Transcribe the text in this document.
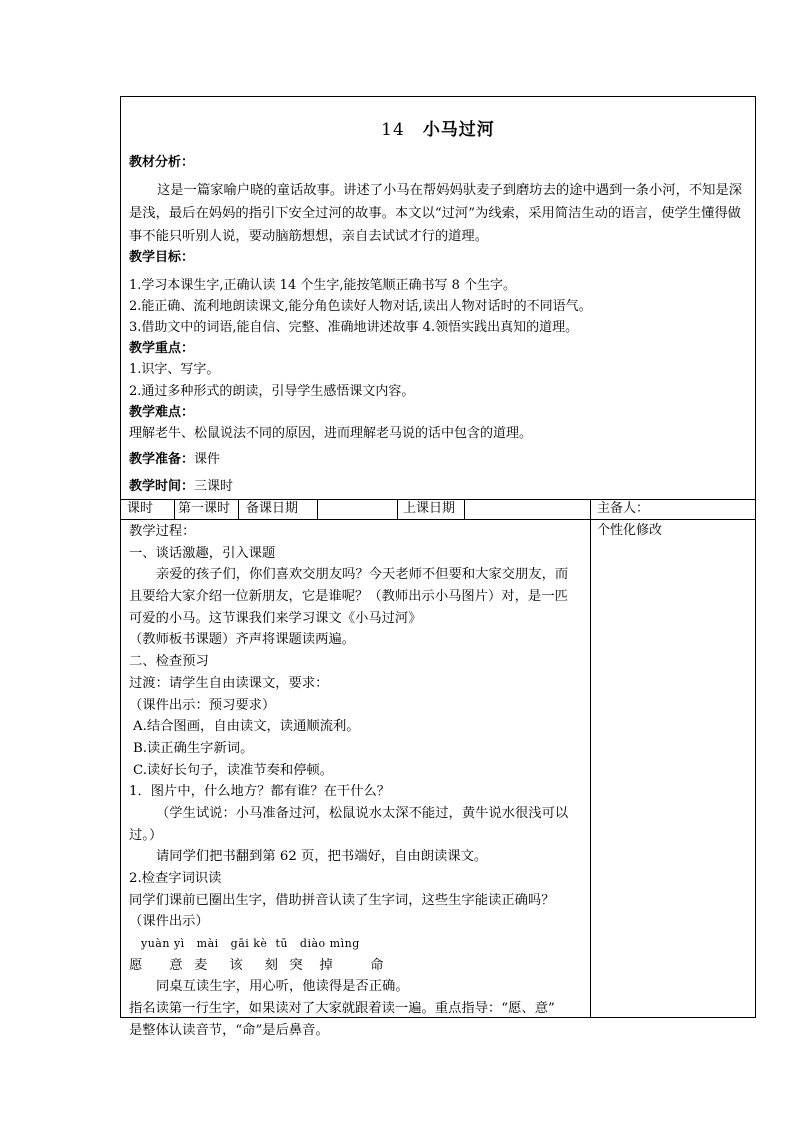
14 小马过河
教材分析：
这是一篇家喻户晓的童话故事。讲述了小马在帮妈妈驮麦子到磨坊去的途中遇到一条小河，不知是深是浅，最后在妈妈的指引下安全过河的故事。本文以“过河”为线索，采用简洁生动的语言，使学生懂得做事不能只听别人说，要动脑筋想想，亲自去试试才行的道理。
教学目标：
1.学习本课生字,正确认读 14 个生字,能按笔顺正确书写 8 个生字。
2.能正确、流利地朗读课文,能分角色读好人物对话,读出人物对话时的不同语气。
3.借助文中的词语,能自信、完整、准确地讲述故事 4.领悟实践出真知的道理。
教学重点：
1.识字、写字。
2.通过多种形式的朗读，引导学生感悟课文内容。
教学难点：
理解老牛、松鼠说法不同的原因，进而理解老马说的话中包含的道理。
教学准备：课件
教学时间：三课时
课时 第一课时 备课日期	上课日期	主备人：
个性化修改
教学过程：
一、谈话激趣，引入课题
亲爱的孩子们，你们喜欢交朋友吗？今天老师不但要和大家交朋友，而
且要给大家介绍一位新朋友，它是谁呢？（教师出示小马图片）对，是一匹
可爱的小马。这节课我们来学习课文《小马过河》
（教师板书课题）齐声将课题读两遍。
二、检查预习
过渡：请学生自由读课文，要求：
（课件出示：预习要求）
A.结合图画，自由读文，读通顺流利。
B.读正确生字新词。
C.读好长句子，读准节奏和停顿。
1．图片中，什么地方？都有谁？在干什么？
（学生试说：小马准备过河，松鼠说水太深不能过，黄牛说水很浅可以
过。）
请同学们把书翻到第 62 页，把书端好，自由朗读课文。
2.检查字词识读
同学们课前已圈出生字，借助拼音认读了生字词，这些生字能读正确吗？
（课件出示）
yuàn yì   mài   gāi kè  tū   diào mìng
愿     意  麦    该    刻  突   掉       命
同桌互读生字，用心听，他读得是否正确。
指名读第一行生字，如果读对了大家就跟着读一遍。重点指导：“愿、意”
是整体认读音节，“命”是后鼻音。
